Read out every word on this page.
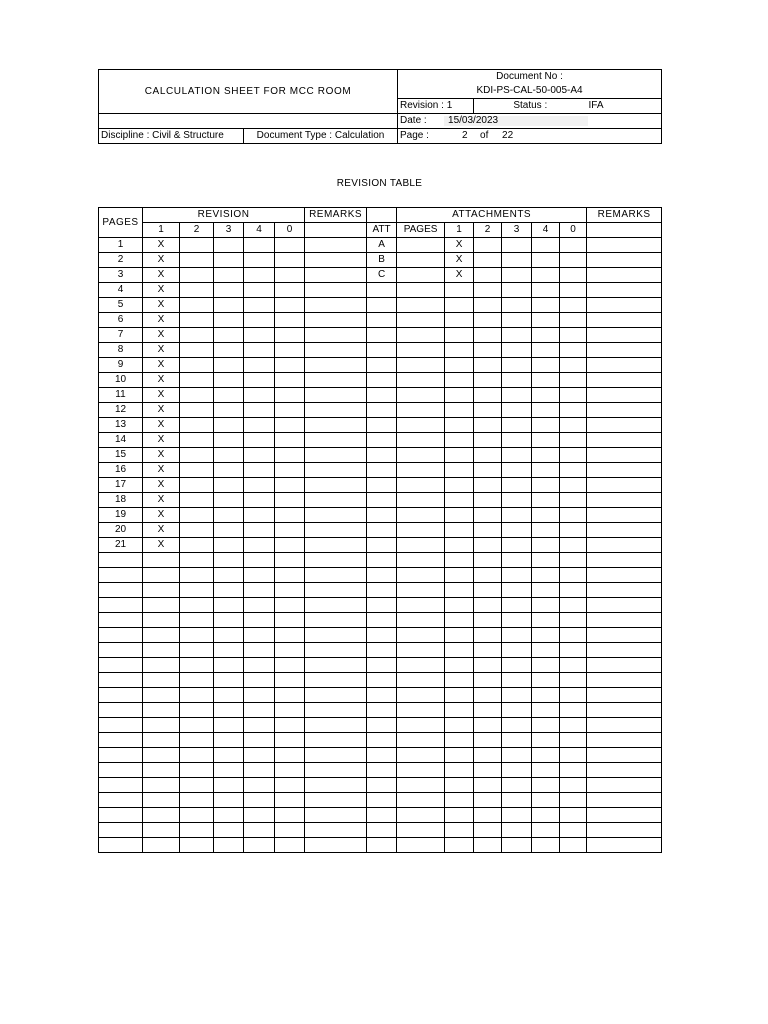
CALCULATION SHEET FOR MCC ROOM		Document No :		
		KDI-PS-CAL-50-005-A4		
		Revision : 1	Status :	IFA
		Date : 15/03/2023		
Discipline : Civil & Structure	Document Type : Calculation	Page : 2 of 22		
REVISION TABLE
PAGES	REVISION					REMARKS		ATTACHMENTS						REMARKS
	1	2	3	4	0		ATT	PAGES	1	2	3	4	0	
1	X						A		X					
2	X						B		X					
3	X						C		X					
4	X													
5	X													
6	X													
7	X													
8	X													
9	X													
10	X													
11	X													
12	X													
13	X													
14	X													
15	X													
16	X													
17	X													
18	X													
19	X													
20	X													
21	X													
